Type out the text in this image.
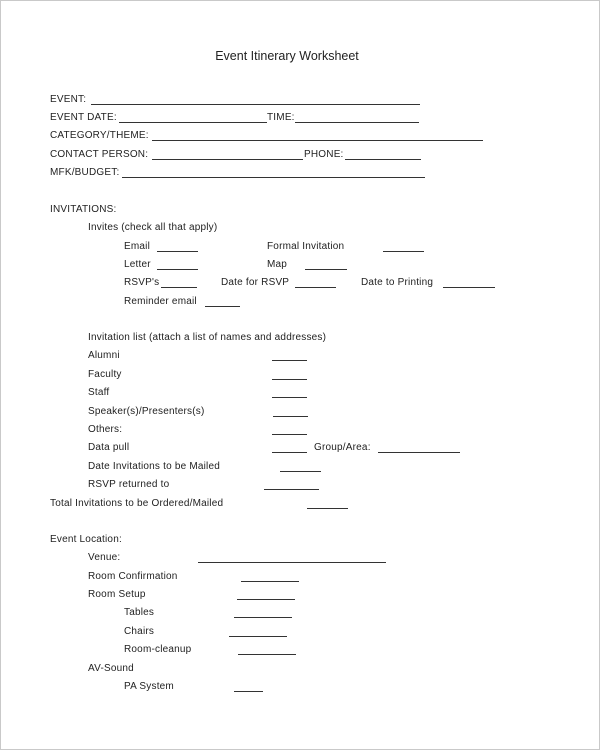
Event Itinerary Worksheet
EVENT:
EVENT DATE:	TIME:
CATEGORY/THEME:
CONTACT PERSON:	PHONE:
MFK/BUDGET:
INVITATIONS:
Invites (check all that apply)
Email	Formal Invitation
Letter	Map
RSVP's	Date for RSVP	Date to Printing
Reminder email
Invitation list (attach a list of names and addresses)
Alumni
Faculty
Staff
Speaker(s)/Presenters(s)
Others:
Data pull	Group/Area:
Date Invitations to be Mailed
RSVP returned to
Total Invitations to be Ordered/Mailed
Event Location:
Venue:
Room Confirmation
Room Setup
Tables
Chairs
Room-cleanup
AV-Sound
PA System
